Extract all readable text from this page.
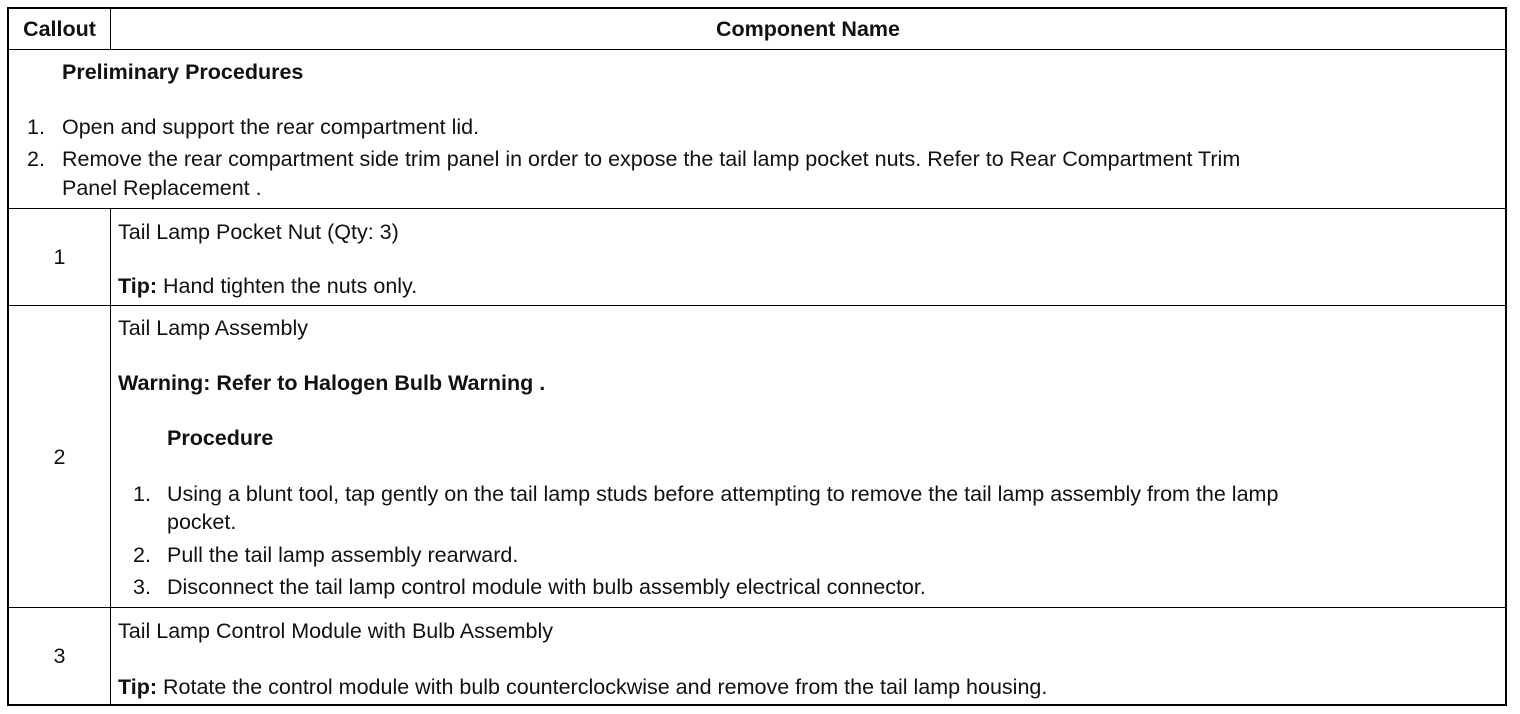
Callout	Component Name
Preliminary Procedures
1. Open and support the rear compartment lid.
2. Remove the rear compartment side trim panel in order to expose the tail lamp pocket nuts. Refer to Rear Compartment Trim
Panel Replacement .
1
Tail Lamp Pocket Nut (Qty: 3)
Tip: Hand tighten the nuts only.
2
Tail Lamp Assembly
Warning: Refer to Halogen Bulb Warning .
Procedure
1. Using a blunt tool, tap gently on the tail lamp studs before attempting to remove the tail lamp assembly from the lamp
pocket.
2. Pull the tail lamp assembly rearward.
3. Disconnect the tail lamp control module with bulb assembly electrical connector.
3
Tail Lamp Control Module with Bulb Assembly
Tip: Rotate the control module with bulb counterclockwise and remove from the tail lamp housing.
